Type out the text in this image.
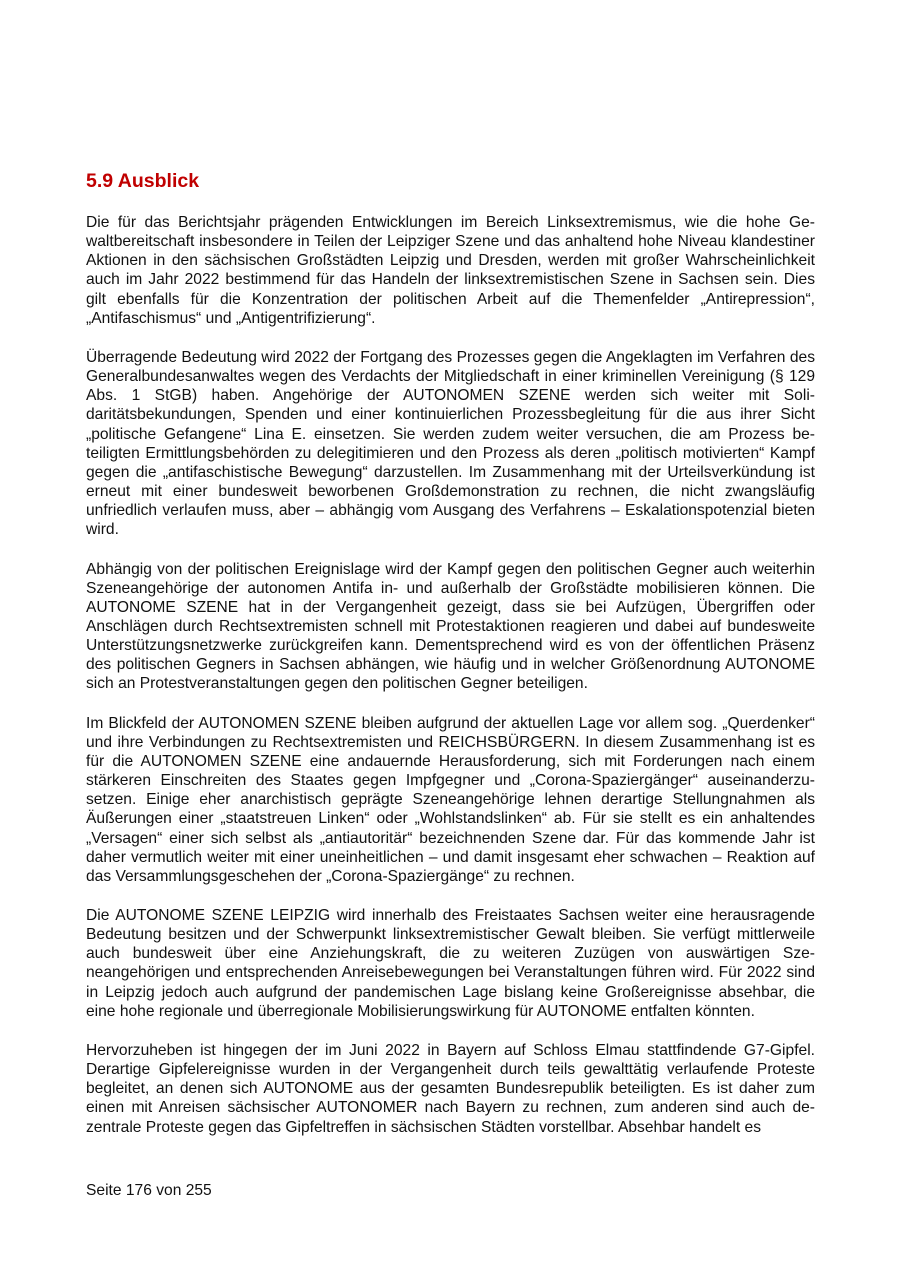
5.9 Ausblick

Die für das Berichtsjahr prägenden Entwicklungen im Bereich Linksextremismus, wie die hohe Gewaltbereitschaft insbesondere in Teilen der Leipziger Szene und das anhaltend hohe Niveau klandestiner Aktionen in den sächsischen Großstädten Leipzig und Dresden, werden mit großer Wahrscheinlichkeit auch im Jahr 2022 bestimmend für das Handeln der linksextremistischen Szene in Sachsen sein. Dies gilt ebenfalls für die Konzentration der politischen Arbeit auf die Themenfelder „Antirepression“, „Antifaschismus“ und „Antigentrifizierung“.

Überragende Bedeutung wird 2022 der Fortgang des Prozesses gegen die Angeklagten im Verfahren des Generalbundesanwaltes wegen des Verdachts der Mitgliedschaft in einer kriminellen Vereinigung (§ 129 Abs. 1 StGB) haben. Angehörige der AUTONOMEN SZENE werden sich weiter mit Solidaritätsbekundungen, Spenden und einer kontinuierlichen Prozessbegleitung für die aus ihrer Sicht „politische Gefangene“ Lina E. einsetzen. Sie werden zudem weiter versuchen, die am Prozess beteiligten Ermittlungsbehörden zu delegitimieren und den Prozess als deren „politisch motivierten“ Kampf gegen die „antifaschistische Bewegung“ darzustellen. Im Zusammenhang mit der Urteilsverkündung ist erneut mit einer bundesweit beworbenen Großdemonstration zu rechnen, die nicht zwangsläufig unfriedlich verlaufen muss, aber – abhängig vom Ausgang des Verfahrens – Eskalationspotenzial bieten wird.

Abhängig von der politischen Ereignislage wird der Kampf gegen den politischen Gegner auch weiterhin Szeneangehörige der autonomen Antifa in- und außerhalb der Großstädte mobilisieren können. Die AUTONOME SZENE hat in der Vergangenheit gezeigt, dass sie bei Aufzügen, Übergriffen oder Anschlägen durch Rechtsextremisten schnell mit Protestaktionen reagieren und dabei auf bundesweite Unterstützungsnetzwerke zurückgreifen kann. Dementsprechend wird es von der öffentlichen Präsenz des politischen Gegners in Sachsen abhängen, wie häufig und in welcher Größenordnung AUTONOME sich an Protestveranstaltungen gegen den politischen Gegner beteiligen.

Im Blickfeld der AUTONOMEN SZENE bleiben aufgrund der aktuellen Lage vor allem sog. „Querdenker“ und ihre Verbindungen zu Rechtsextremisten und REICHSBÜRGERN. In diesem Zusammenhang ist es für die AUTONOMEN SZENE eine andauernde Herausforderung, sich mit Forderungen nach einem stärkeren Einschreiten des Staates gegen Impfgegner und „Corona-Spaziergänger“ auseinanderzusetzen. Einige eher anarchistisch geprägte Szeneangehörige lehnen derartige Stellungnahmen als Äußerungen einer „staatstreuen Linken“ oder „Wohlstandslinken“ ab. Für sie stellt es ein anhaltendes „Versagen“ einer sich selbst als „antiautoritär“ bezeichnenden Szene dar. Für das kommende Jahr ist daher vermutlich weiter mit einer uneinheitlichen – und damit insgesamt eher schwachen – Reaktion auf das Versammlungsgeschehen der „Corona-Spaziergänge“ zu rechnen.

Die AUTONOME SZENE LEIPZIG wird innerhalb des Freistaates Sachsen weiter eine herausragende Bedeutung besitzen und der Schwerpunkt linksextremistischer Gewalt bleiben. Sie verfügt mittlerweile auch bundesweit über eine Anziehungskraft, die zu weiteren Zuzügen von auswärtigen Szeneangehörigen und entsprechenden Anreisebewegungen bei Veranstaltungen führen wird. Für 2022 sind in Leipzig jedoch auch aufgrund der pandemischen Lage bislang keine Großereignisse absehbar, die eine hohe regionale und überregionale Mobilisierungswirkung für AUTONOME entfalten könnten.

Hervorzuheben ist hingegen der im Juni 2022 in Bayern auf Schloss Elmau stattfindende G7-Gipfel. Derartige Gipfelereignisse wurden in der Vergangenheit durch teils gewalttätig verlaufende Proteste begleitet, an denen sich AUTONOME aus der gesamten Bundesrepublik beteiligten. Es ist daher zum einen mit Anreisen sächsischer AUTONOMER nach Bayern zu rechnen, zum anderen sind auch dezentrale Proteste gegen das Gipfeltreffen in sächsischen Städten vorstellbar. Absehbar handelt es

Seite 176 von 255
